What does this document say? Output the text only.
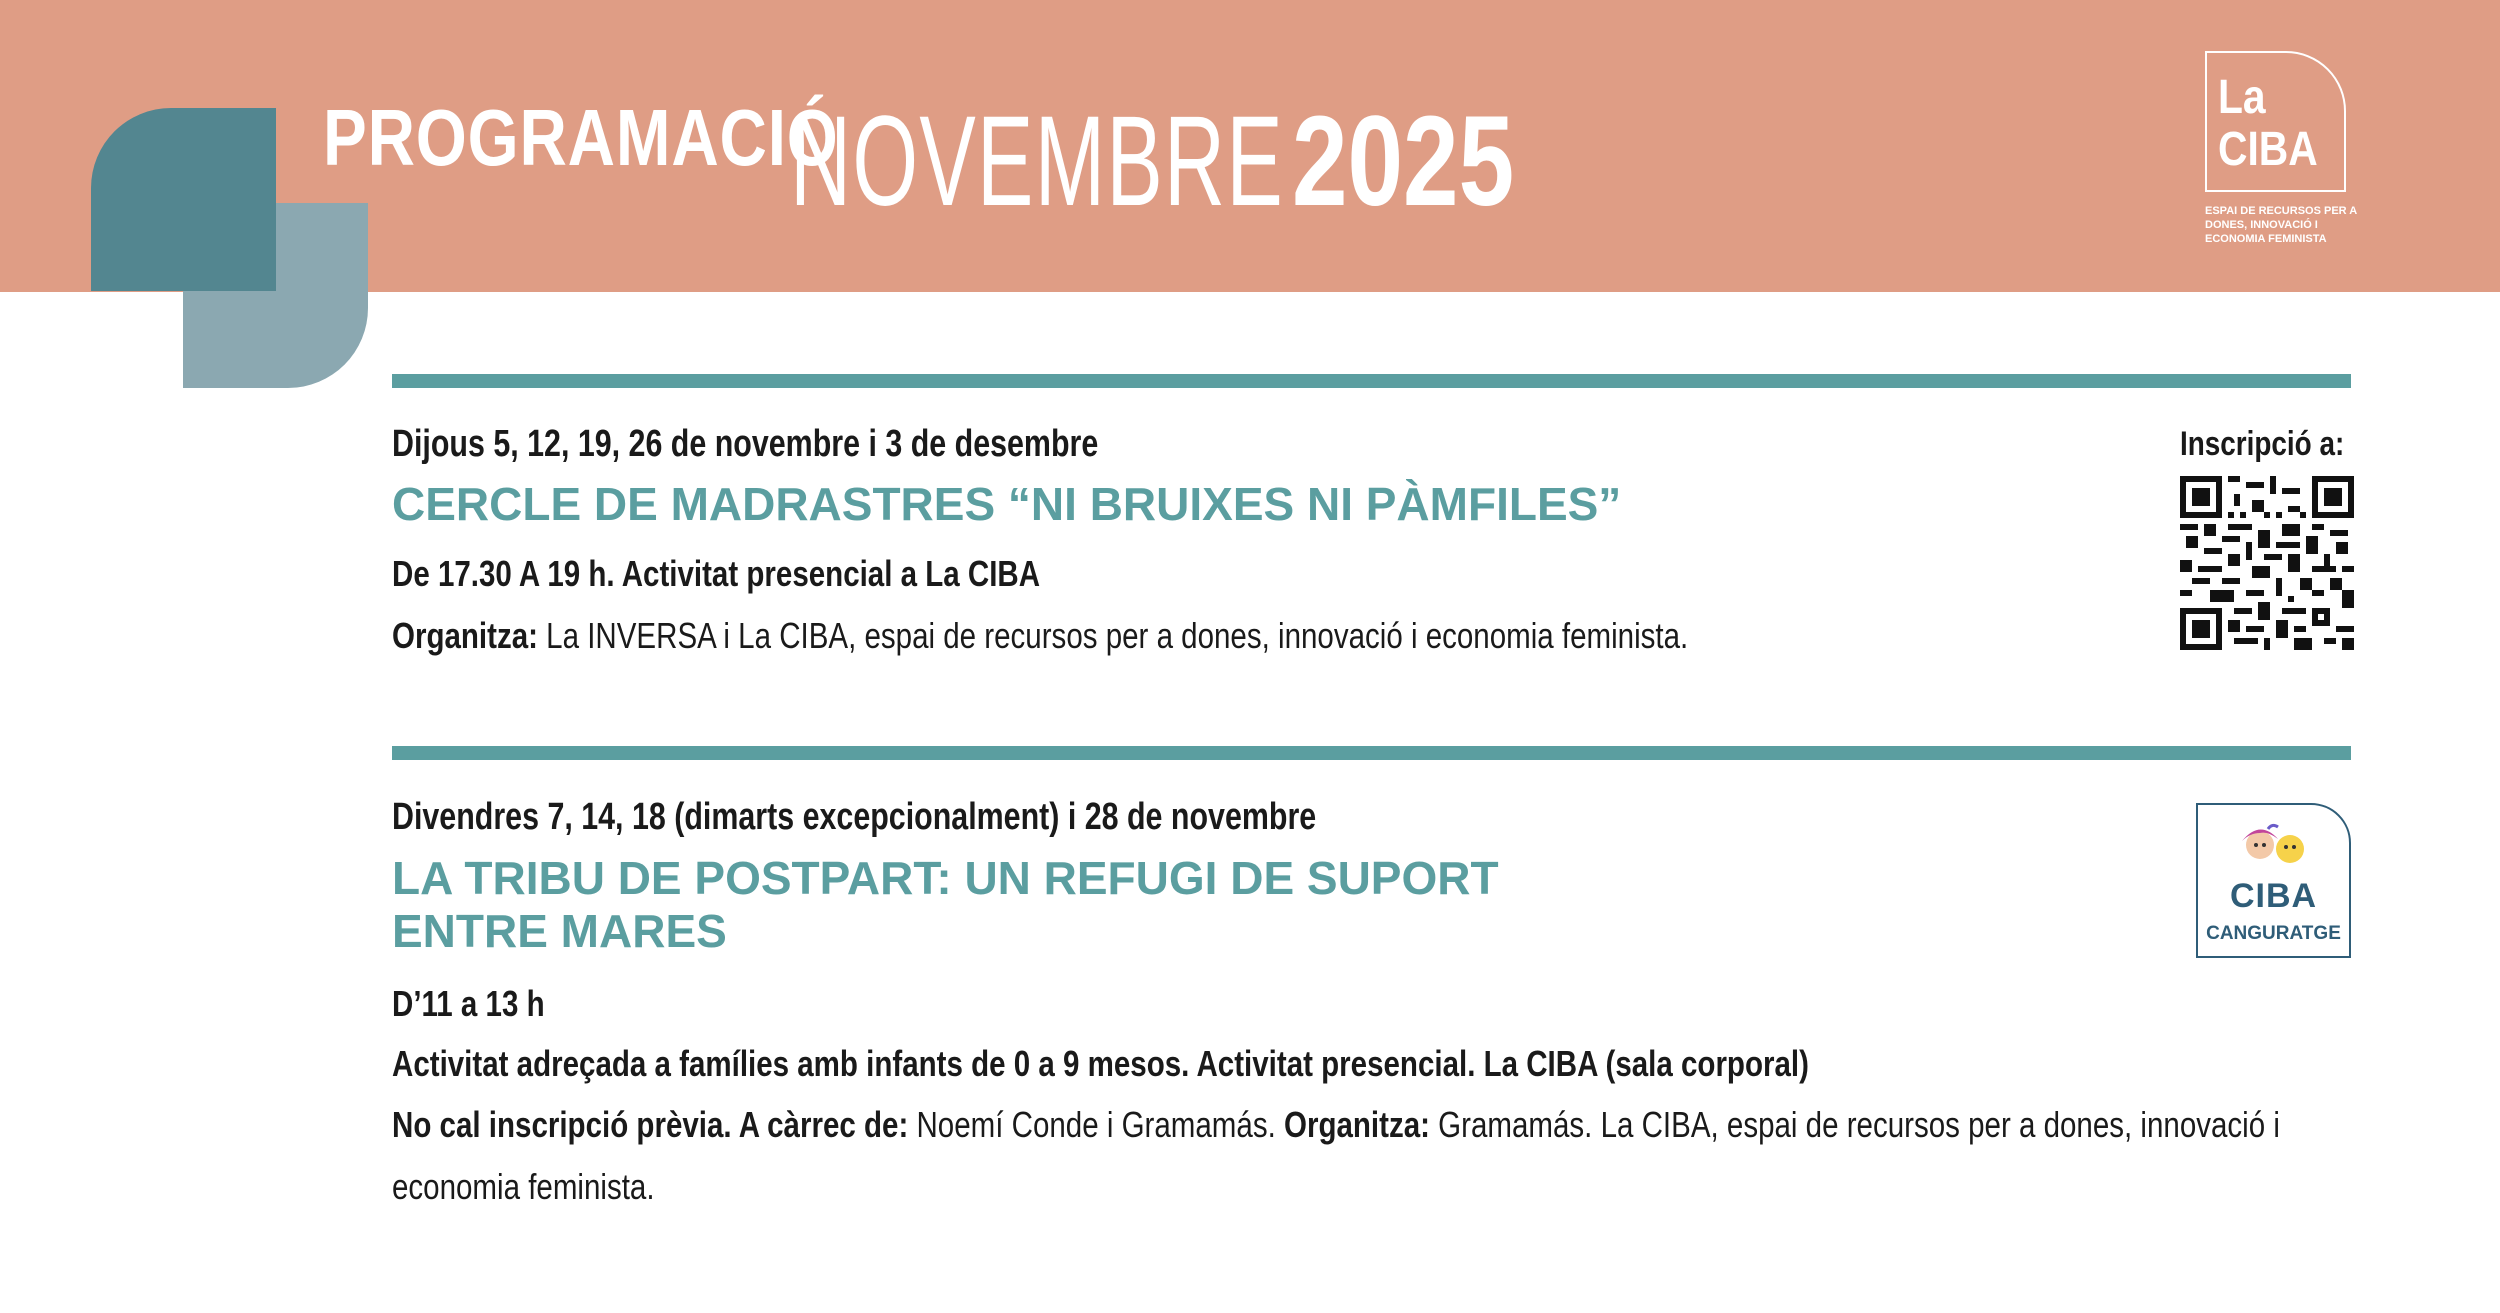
PROGRAMACIÓ
NOVEMBRE 2025	La
CIBA
ESPAI DE RECURSOS PER A DONES, INNOVACIÓ I ECONOMIA FEMINISTA
Dijous 5, 12, 19, 26 de novembre i 3 de desembre
CERCLE DE MADRASTRES “NI BRUIXES NI PÀMFILES”
De 17.30 A 19 h. Activitat presencial a La CIBA
Organitza: La INVERSA i La CIBA, espai de recursos per a dones, innovació i economia feminista.
Inscripció a:
Divendres 7, 14, 18 (dimarts excepcionalment) i 28 de novembre
LA TRIBU DE POSTPART: UN REFUGI DE SUPORT
ENTRE MARES
D’11 a 13 h
Activitat adreçada a famílies amb infants de 0 a 9 mesos. Activitat presencial. La CIBA (sala corporal)
No cal inscripció prèvia. A càrrec de: Noemí Conde i Gramamás. Organitza: Gramamás. La CIBA, espai de recursos per a dones, innovació i economia feminista.
CIBA
CANGURATGE
